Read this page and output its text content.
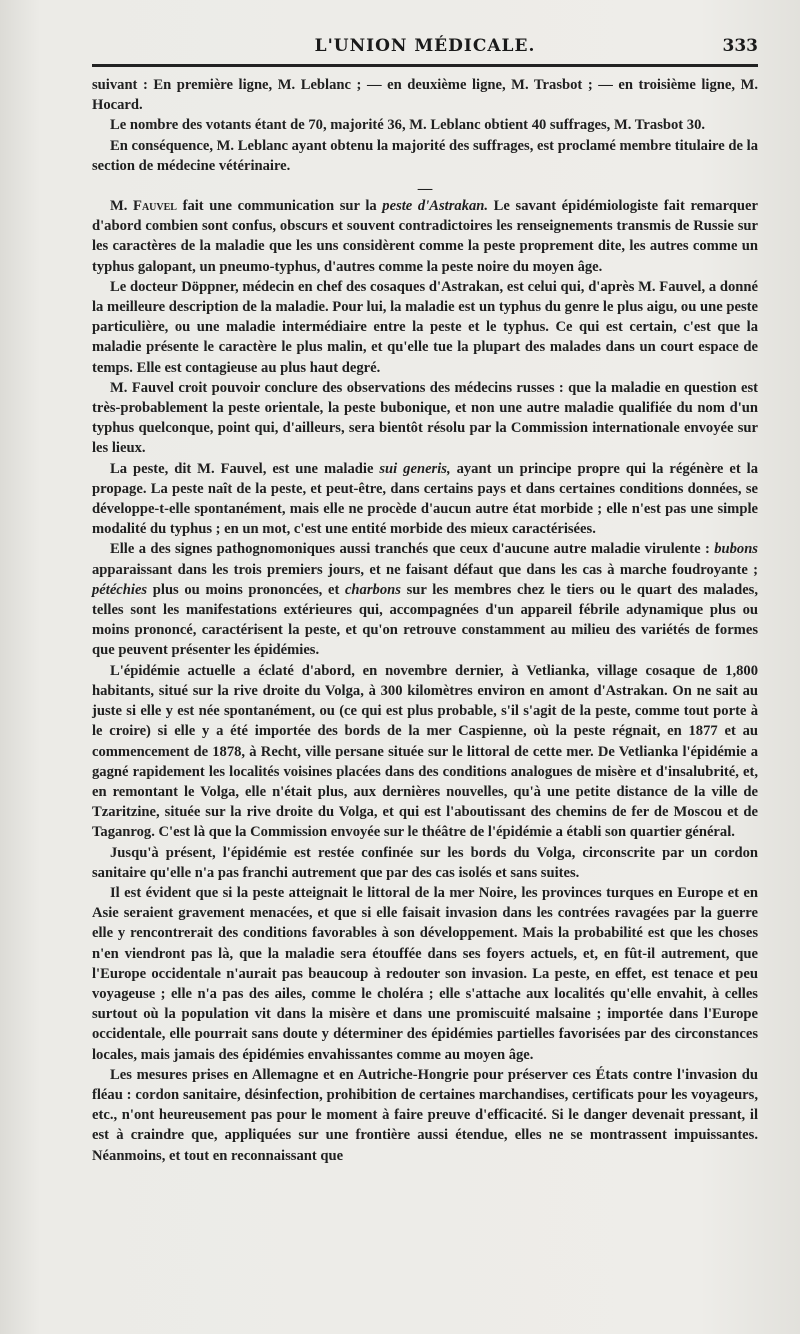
L'UNION MÉDICALE.	333

suivant : En première ligne, M. Leblanc ; — en deuxième ligne, M. Trasbot ; — en troisième ligne, M. Hocard.

Le nombre des votants étant de 70, majorité 36, M. Leblanc obtient 40 suffrages, M. Trasbot 30.

En conséquence, M. Leblanc ayant obtenu la majorité des suffrages, est proclamé membre titulaire de la section de médecine vétérinaire.

—

M. Fauvel fait une communication sur la peste d'Astrakan. Le savant épidémiologiste fait remarquer d'abord combien sont confus, obscurs et souvent contradictoires les renseignements transmis de Russie sur les caractères de la maladie que les uns considèrent comme la peste proprement dite, les autres comme un typhus galopant, un pneumo-typhus, d'autres comme la peste noire du moyen âge.

Le docteur Döppner, médecin en chef des cosaques d'Astrakan, est celui qui, d'après M. Fauvel, a donné la meilleure description de la maladie. Pour lui, la maladie est un typhus du genre le plus aigu, ou une peste particulière, ou une maladie intermédiaire entre la peste et le typhus. Ce qui est certain, c'est que la maladie présente le caractère le plus malin, et qu'elle tue la plupart des malades dans un court espace de temps. Elle est contagieuse au plus haut degré.

M. Fauvel croit pouvoir conclure des observations des médecins russes : que la maladie en question est très-probablement la peste orientale, la peste bubonique, et non une autre maladie qualifiée du nom d'un typhus quelconque, point qui, d'ailleurs, sera bientôt résolu par la Commission internationale envoyée sur les lieux.

La peste, dit M. Fauvel, est une maladie sui generis, ayant un principe propre qui la régénère et la propage. La peste naît de la peste, et peut-être, dans certains pays et dans certaines conditions données, se développe-t-elle spontanément, mais elle ne procède d'aucun autre état morbide ; elle n'est pas une simple modalité du typhus ; en un mot, c'est une entité morbide des mieux caractérisées.

Elle a des signes pathognomoniques aussi tranchés que ceux d'aucune autre maladie virulente : bubons apparaissant dans les trois premiers jours, et ne faisant défaut que dans les cas à marche foudroyante ; pétéchies plus ou moins prononcées, et charbons sur les membres chez le tiers ou le quart des malades, telles sont les manifestations extérieures qui, accompagnées d'un appareil fébrile adynamique plus ou moins prononcé, caractérisent la peste, et qu'on retrouve constamment au milieu des variétés de formes que peuvent présenter les épidémies.

L'épidémie actuelle a éclaté d'abord, en novembre dernier, à Vetlianka, village cosaque de 1,800 habitants, situé sur la rive droite du Volga, à 300 kilomètres environ en amont d'Astrakan. On ne sait au juste si elle y est née spontanément, ou (ce qui est plus probable, s'il s'agit de la peste, comme tout porte à le croire) si elle y a été importée des bords de la mer Caspienne, où la peste régnait, en 1877 et au commencement de 1878, à Recht, ville persane située sur le littoral de cette mer. De Vetlianka l'épidémie a gagné rapidement les localités voisines placées dans des conditions analogues de misère et d'insalubrité, et, en remontant le Volga, elle n'était plus, aux dernières nouvelles, qu'à une petite distance de la ville de Tzaritzine, située sur la rive droite du Volga, et qui est l'aboutissant des chemins de fer de Moscou et de Taganrog. C'est là que la Commission envoyée sur le théâtre de l'épidémie a établi son quartier général.

Jusqu'à présent, l'épidémie est restée confinée sur les bords du Volga, circonscrite par un cordon sanitaire qu'elle n'a pas franchi autrement que par des cas isolés et sans suites.

Il est évident que si la peste atteignait le littoral de la mer Noire, les provinces turques en Europe et en Asie seraient gravement menacées, et que si elle faisait invasion dans les contrées ravagées par la guerre elle y rencontrerait des conditions favorables à son développement. Mais la probabilité est que les choses n'en viendront pas là, que la maladie sera étouffée dans ses foyers actuels, et, en fût-il autrement, que l'Europe occidentale n'aurait pas beaucoup à redouter son invasion. La peste, en effet, est tenace et peu voyageuse ; elle n'a pas des ailes, comme le choléra ; elle s'attache aux localités qu'elle envahit, à celles surtout où la population vit dans la misère et dans une promiscuité malsaine ; importée dans l'Europe occidentale, elle pourrait sans doute y déterminer des épidémies partielles favorisées par des circonstances locales, mais jamais des épidémies envahissantes comme au moyen âge.

Les mesures prises en Allemagne et en Autriche-Hongrie pour préserver ces États contre l'invasion du fléau : cordon sanitaire, désinfection, prohibition de certaines marchandises, certificats pour les voyageurs, etc., n'ont heureusement pas pour le moment à faire preuve d'efficacité. Si le danger devenait pressant, il est à craindre que, appliquées sur une frontière aussi étendue, elles ne se montrassent impuissantes. Néanmoins, et tout en reconnaissant que
